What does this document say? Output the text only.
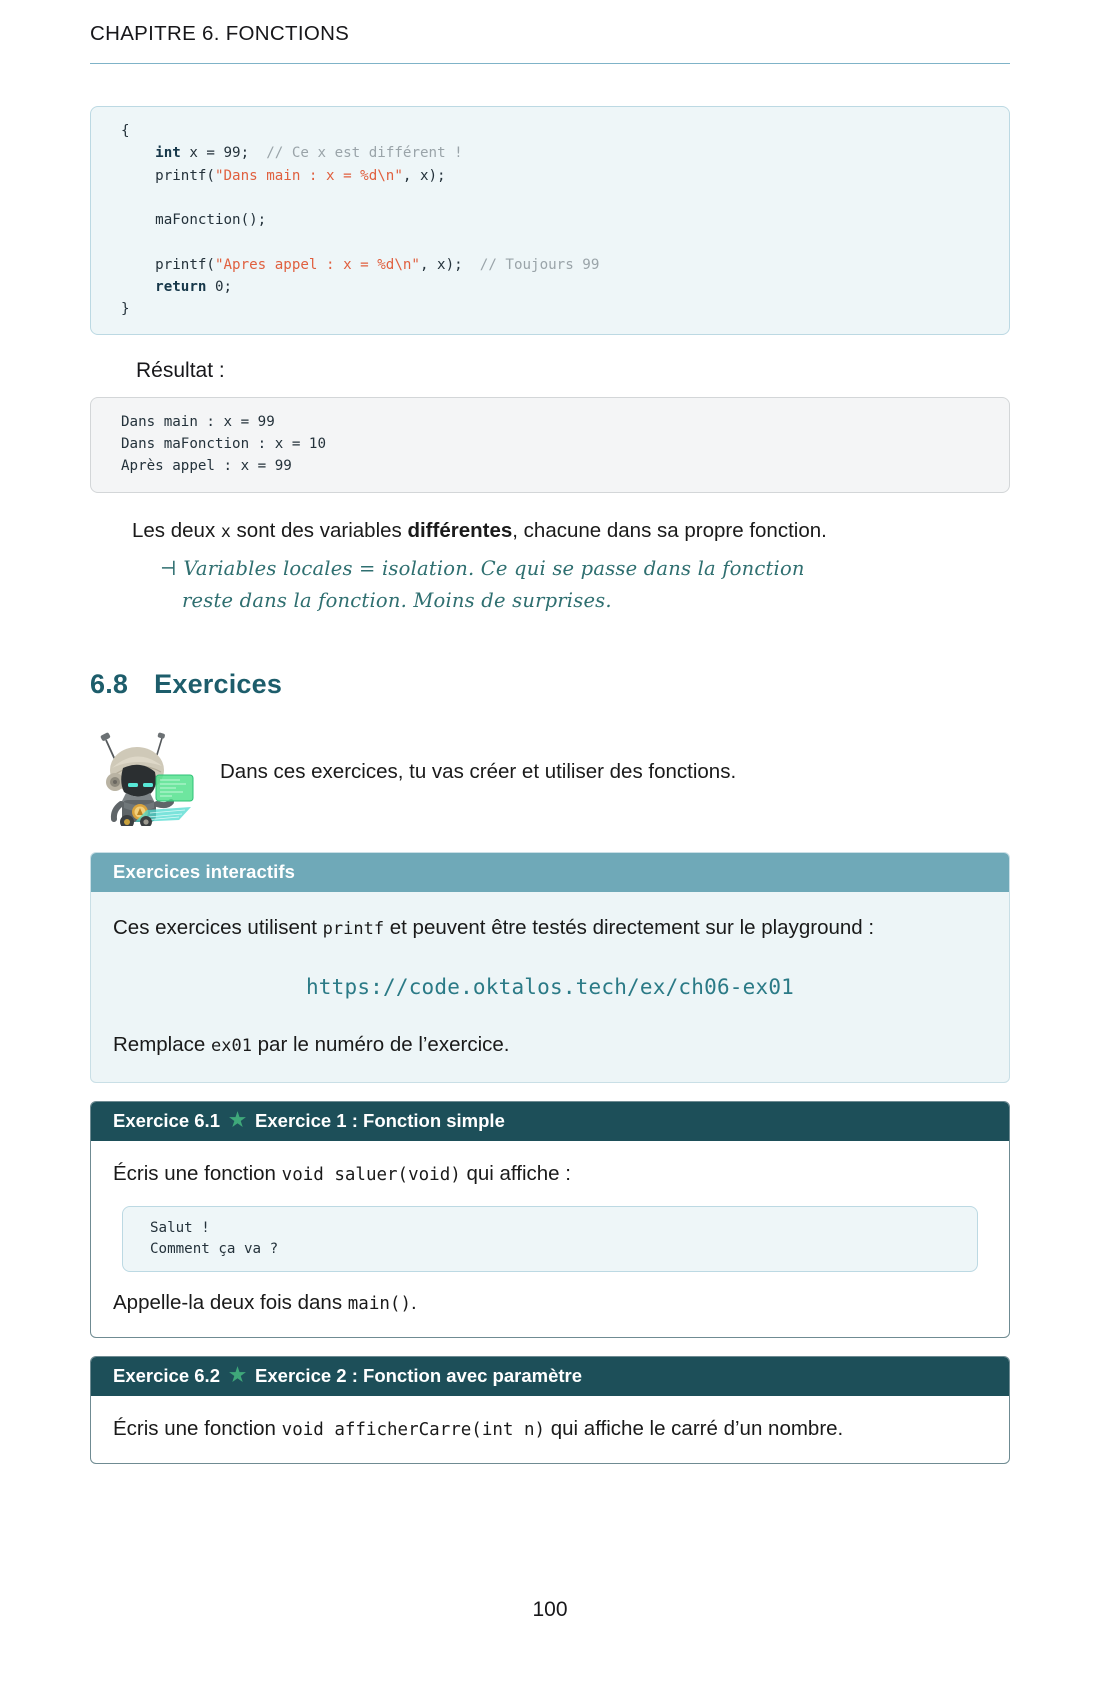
CHAPITRE 6. FONCTIONS
{
int x = 99; // Ce x est différent !
printf("Dans main : x = %d\n", x);

maFonction();

printf("Apres appel : x = %d\n", x); // Toujours 99
return 0;
}
Résultat :
Dans main : x = 99
Dans maFonction : x = 10
Après appel : x = 99

Les deux x sont des variables différentes, chacune dans sa propre fonction.

⊣ Variables locales = isolation. Ce qui se passe dans la fonction
reste dans la fonction. Moins de surprises.
6.8 Exercices
Dans ces exercices, tu vas créer et utiliser des fonctions.
Exercices interactifs

Ces exercices utilisent printf et peuvent être testés directement sur le playground :

https://code.oktalos.tech/ex/ch06-ex01

Remplace ex01 par le numéro de l’exercice.

Exercice 6.1 ★ Exercice 1 : Fonction simple

Écris une fonction void saluer(void) qui affiche :

Salut !
Comment ça va ?

Appelle-la deux fois dans main().

Exercice 6.2 ★ Exercice 2 : Fonction avec paramètre

Écris une fonction void afficherCarre(int n) qui affiche le carré d’un nombre.

100
